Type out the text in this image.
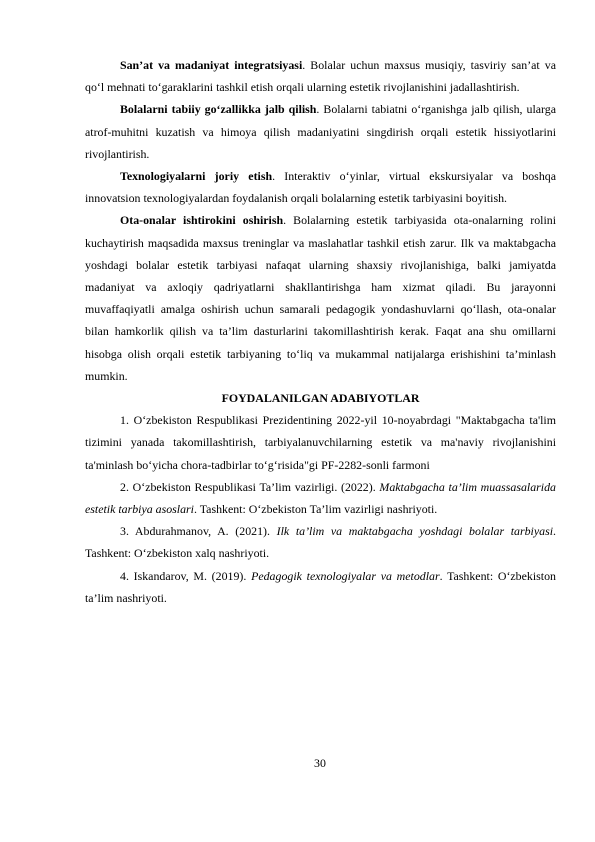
San’at va madaniyat integratsiyasi. Bolalar uchun maxsus musiqiy, tasviriy san’at va qo‘l mehnati to‘garaklarini tashkil etish orqali ularning estetik rivojlanishini jadallashtirish.

Bolalarni tabiiy go‘zallikka jalb qilish. Bolalarni tabiatni o‘rganishga jalb qilish, ularga atrof-muhitni kuzatish va himoya qilish madaniyatini singdirish orqali estetik hissiyotlarini rivojlantirish.

Texnologiyalarni joriy etish. Interaktiv o‘yinlar, virtual ekskursiyalar va boshqa innovatsion texnologiyalardan foydalanish orqali bolalarning estetik tarbiyasini boyitish.

Ota-onalar ishtirokini oshirish. Bolalarning estetik tarbiyasida ota-onalarning rolini kuchaytirish maqsadida maxsus treninglar va maslahatlar tashkil etish zarur. Ilk va maktabgacha yoshdagi bolalar estetik tarbiyasi nafaqat ularning shaxsiy rivojlanishiga, balki jamiyatda madaniyat va axloqiy qadriyatlarni shakllantirishga ham xizmat qiladi. Bu jarayonni muvaffaqiyatli amalga oshirish uchun samarali pedagogik yondashuvlarni qo‘llash, ota-onalar bilan hamkorlik qilish va ta’lim dasturlarini takomillashtirish kerak. Faqat ana shu omillarni hisobga olish orqali estetik tarbiyaning to‘liq va mukammal natijalarga erishishini ta’minlash mumkin.

FOYDALANILGAN ADABIYOTLAR

1. O‘zbekiston Respublikasi Prezidentining 2022-yil 10-noyabrdagi "Maktabgacha ta'lim tizimini yanada takomillashtirish, tarbiyalanuvchilarning estetik va ma'naviy rivojlanishini ta'minlash bo‘yicha chora-tadbirlar to‘g‘risida"gi PF-2282-sonli farmoni

2. O‘zbekiston Respublikasi Ta’lim vazirligi. (2022). Maktabgacha ta’lim muassasalarida estetik tarbiya asoslari. Tashkent: O‘zbekiston Ta’lim vazirligi nashriyoti.

3. Abdurahmanov, A. (2021). Ilk ta’lim va maktabgacha yoshdagi bolalar tarbiyasi. Tashkent: O‘zbekiston xalq nashriyoti.

4. Iskandarov, M. (2019). Pedagogik texnologiyalar va metodlar. Tashkent: O‘zbekiston ta’lim nashriyoti.

30
